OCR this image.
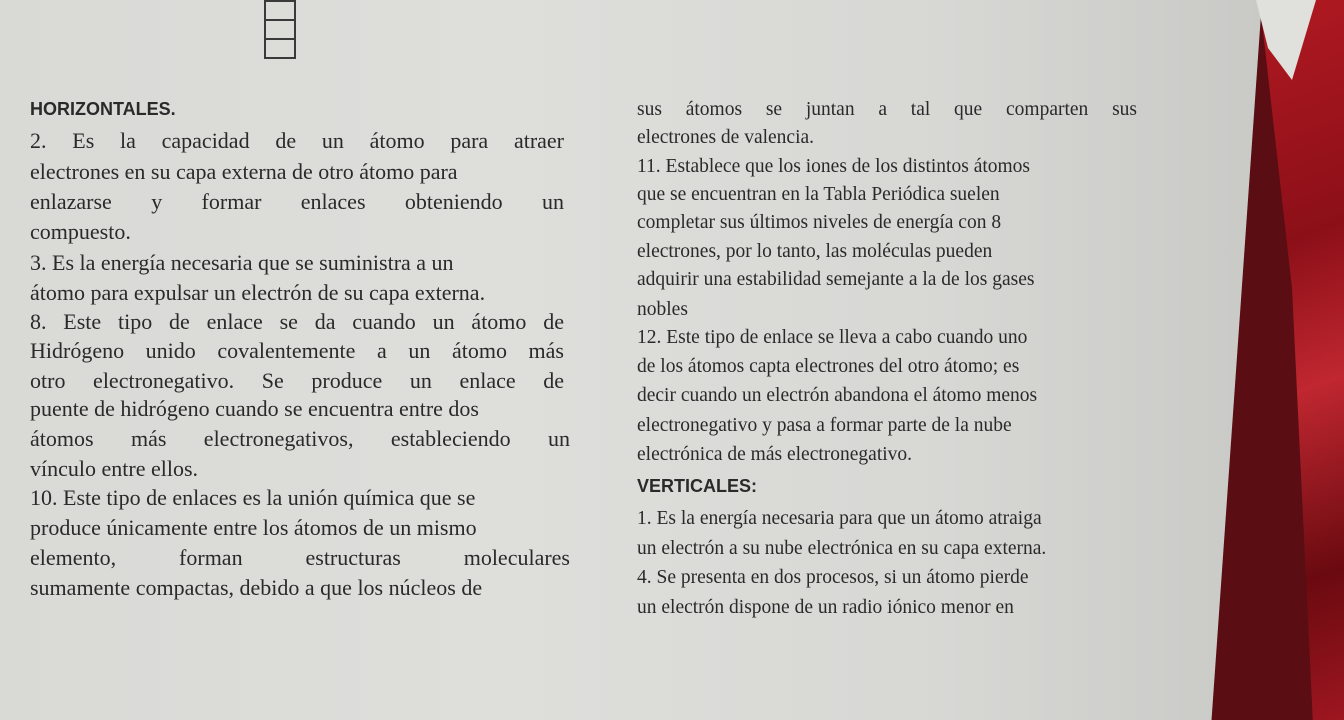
HORIZONTALES.
2. Es la capacidad de un átomo para atraer
electrones en su capa externa de otro átomo para
enlazarse y formar enlaces obteniendo un
compuesto.
3. Es la energía necesaria que se suministra a un
átomo para expulsar un electrón de su capa externa.
8. Este tipo de enlace se da cuando un átomo de
Hidrógeno unido covalentemente a un átomo más
otro electronegativo. Se produce un enlace de
puente de hidrógeno cuando se encuentra entre dos
átomos más electronegativos, estableciendo un
vínculo entre ellos.
10. Este tipo de enlaces es la unión química que se
produce únicamente entre los átomos de un mismo
elemento, forman estructuras moleculares
sumamente compactas, debido a que los núcleos de
sus átomos se juntan a tal que comparten sus
electrones de valencia.
11. Establece que los iones de los distintos átomos
que se encuentran en la Tabla Periódica suelen
completar sus últimos niveles de energía con 8
electrones, por lo tanto, las moléculas pueden
adquirir una estabilidad semejante a la de los gases
nobles
12. Este tipo de enlace se lleva a cabo cuando uno
de los átomos capta electrones del otro átomo; es
decir cuando un electrón abandona el átomo menos
electronegativo y pasa a formar parte de la nube
electrónica de más electronegativo.
VERTICALES:
1. Es la energía necesaria para que un átomo atraiga
un electrón a su nube electrónica en su capa externa.
4. Se presenta en dos procesos, si un átomo pierde
un electrón dispone de un radio iónico menor en
